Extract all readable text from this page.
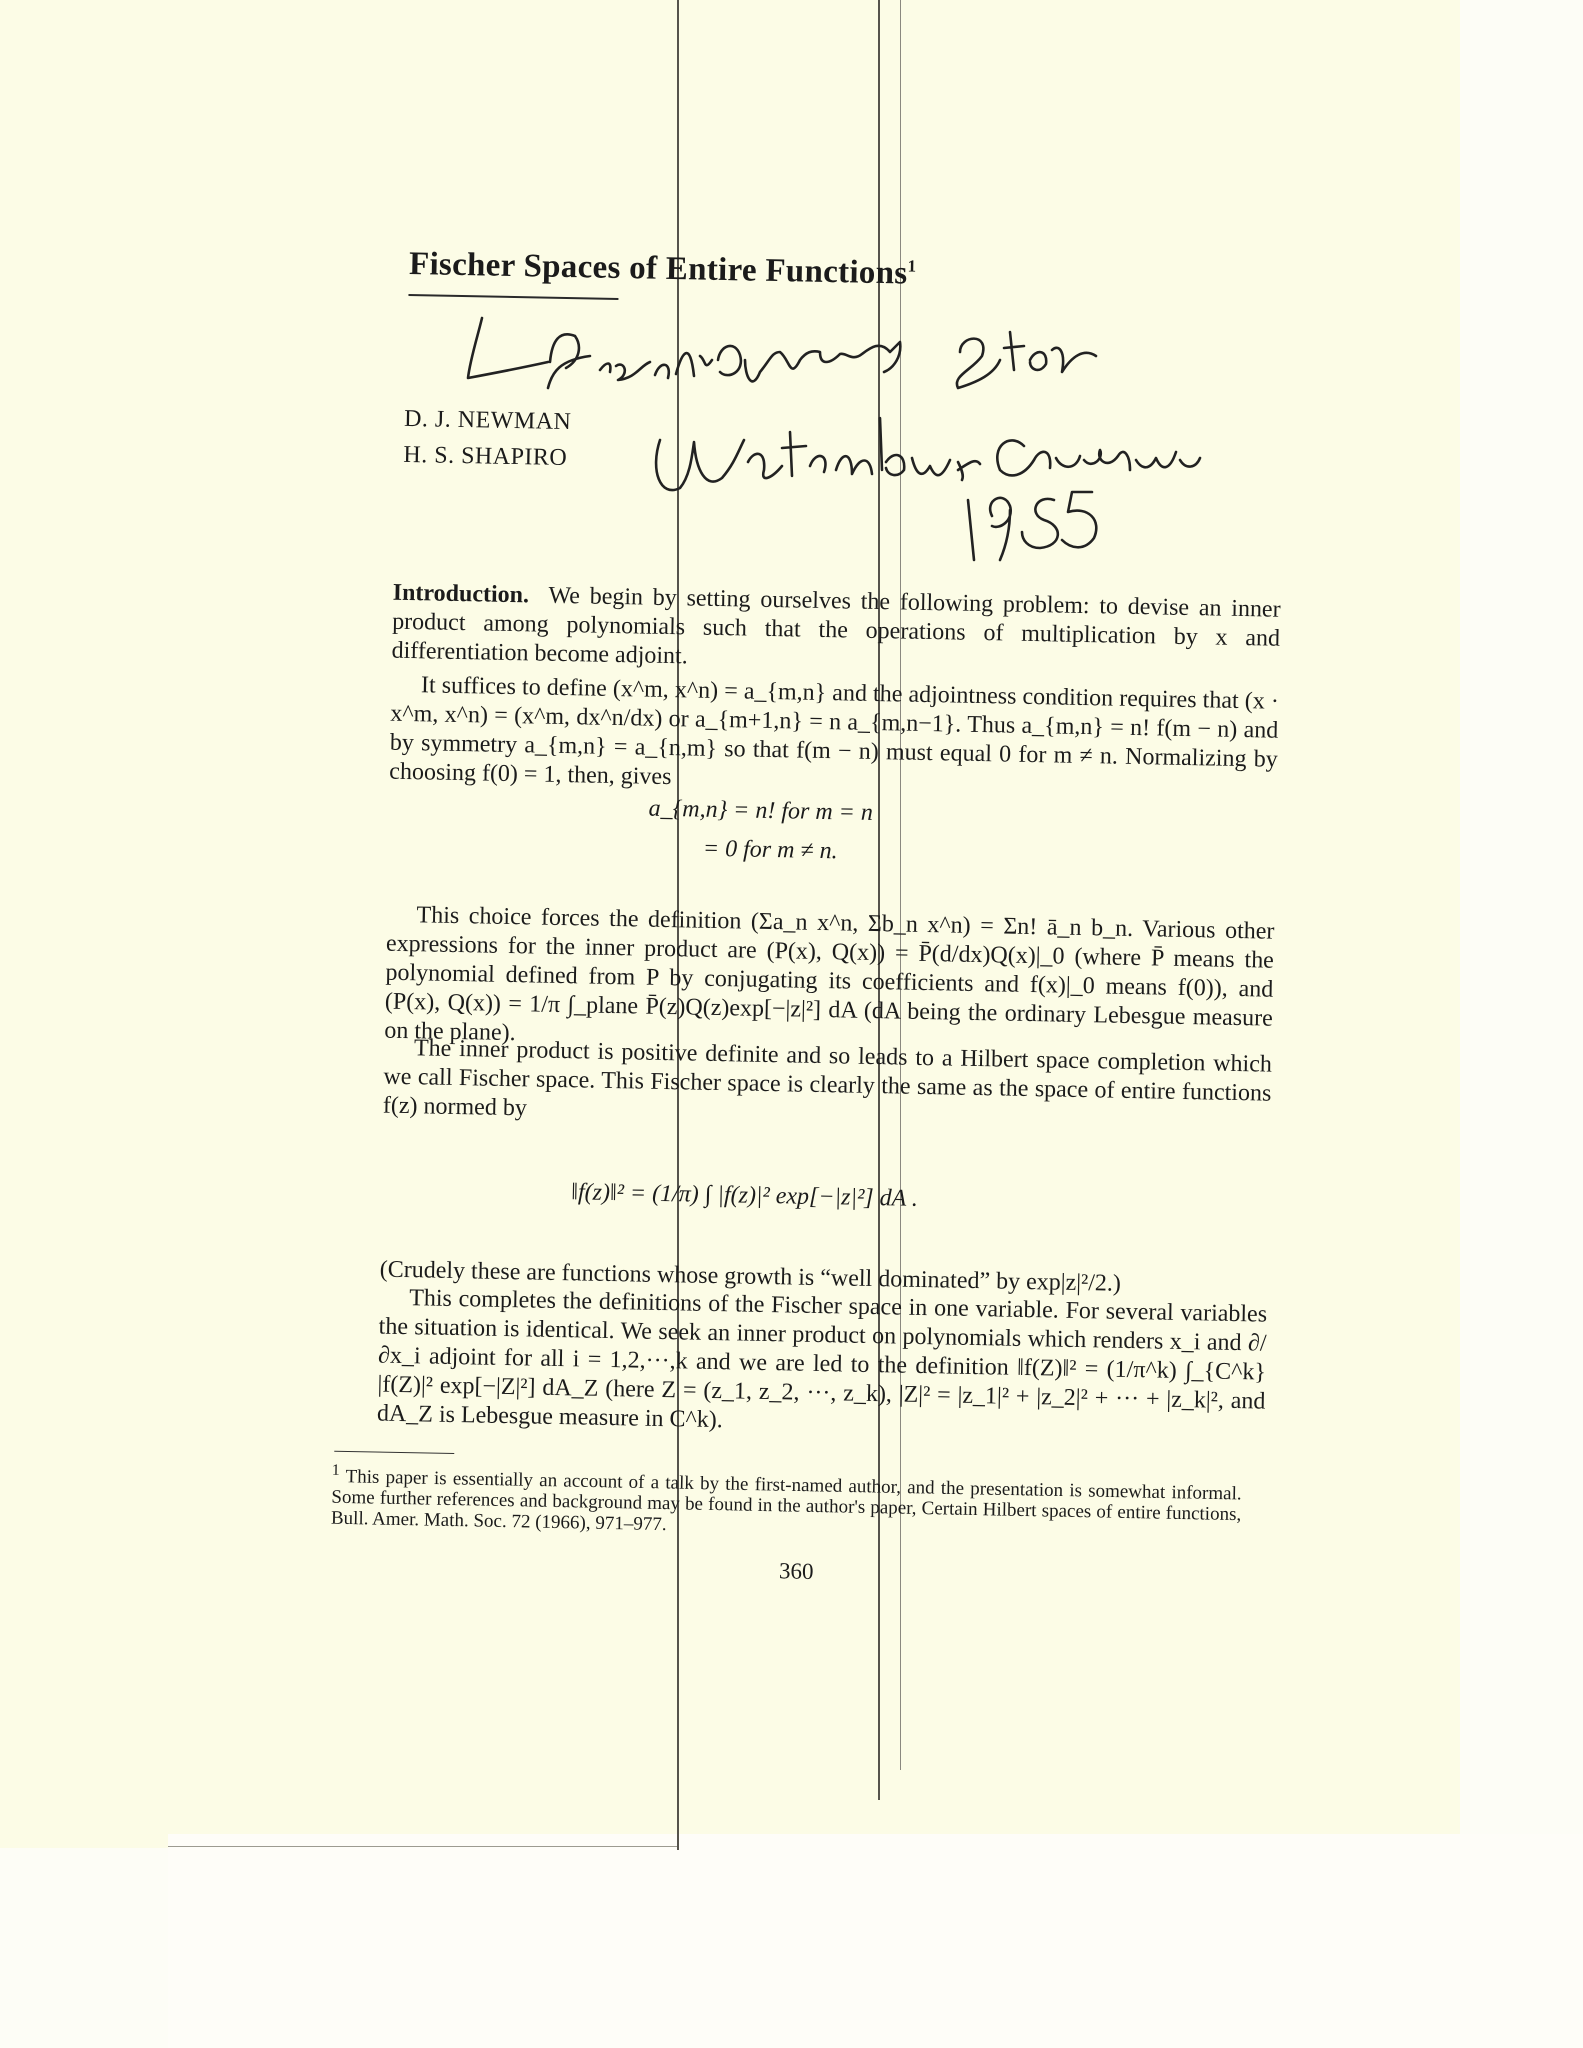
Fischer Spaces of Entire Functions$^1$
D. J. NEWMAN
H. S. SHAPIRO
Introduction. We begin by setting ourselves the following problem: to devise an inner product among polynomials such that the operations of multiplication by x and differentiation become adjoint.
It suffices to define (x^m, x^n) = a_{m,n} and the adjointness condition requires that (x · x^m, x^n) = (x^m, dx^n/dx) or a_{m+1,n} = n a_{m,n−1}. Thus a_{m,n} = n! f(m − n) and by symmetry a_{m,n} = a_{n,m} so that f(m − n) must equal 0 for m ≠ n. Normalizing by choosing f(0) = 1, then, gives
a_{m,n} = n! for m = n
= 0 for m ≠ n.
This choice forces the definition (Σa_n x^n, Σb_n x^n) = Σn! ā_n b_n. Various other expressions for the inner product are (P(x), Q(x)) = P̄(d/dx)Q(x)|_0 (where P̄ means the polynomial defined from P by conjugating its coefficients and f(x)|_0 means f(0)), and (P(x), Q(x)) = 1/π ∫_plane P̄(z)Q(z)exp[−|z|²] dA (dA being the ordinary Lebesgue measure on the plane).
The inner product is positive definite and so leads to a Hilbert space completion which we call Fischer space. This Fischer space is clearly the same as the space of entire functions f(z) normed by
‖f(z)‖² = (1/π) ∫ |f(z)|² exp[−|z|²] dA .
(Crudely these are functions whose growth is “well dominated” by exp|z|²/2.)
This completes the definitions of the Fischer space in one variable. For several variables the situation is identical. We seek an inner product on polynomials which renders x_i and ∂/∂x_i adjoint for all i = 1,2,···,k and we are led to the definition ‖f(Z)‖² = (1/π^k) ∫_{C^k} |f(Z)|² exp[−|Z|²] dA_Z (here Z = (z_1, z_2, ···, z_k), |Z|² = |z_1|² + |z_2|² + ··· + |z_k|², and dA_Z is Lebesgue measure in C^k).
$^1$ This paper is essentially an account of a talk by the first-named author, and the presentation is somewhat informal. Some further references and background may be found in the author's paper, Certain Hilbert spaces of entire functions, Bull. Amer. Math. Soc. 72 (1966), 971–977.
360
